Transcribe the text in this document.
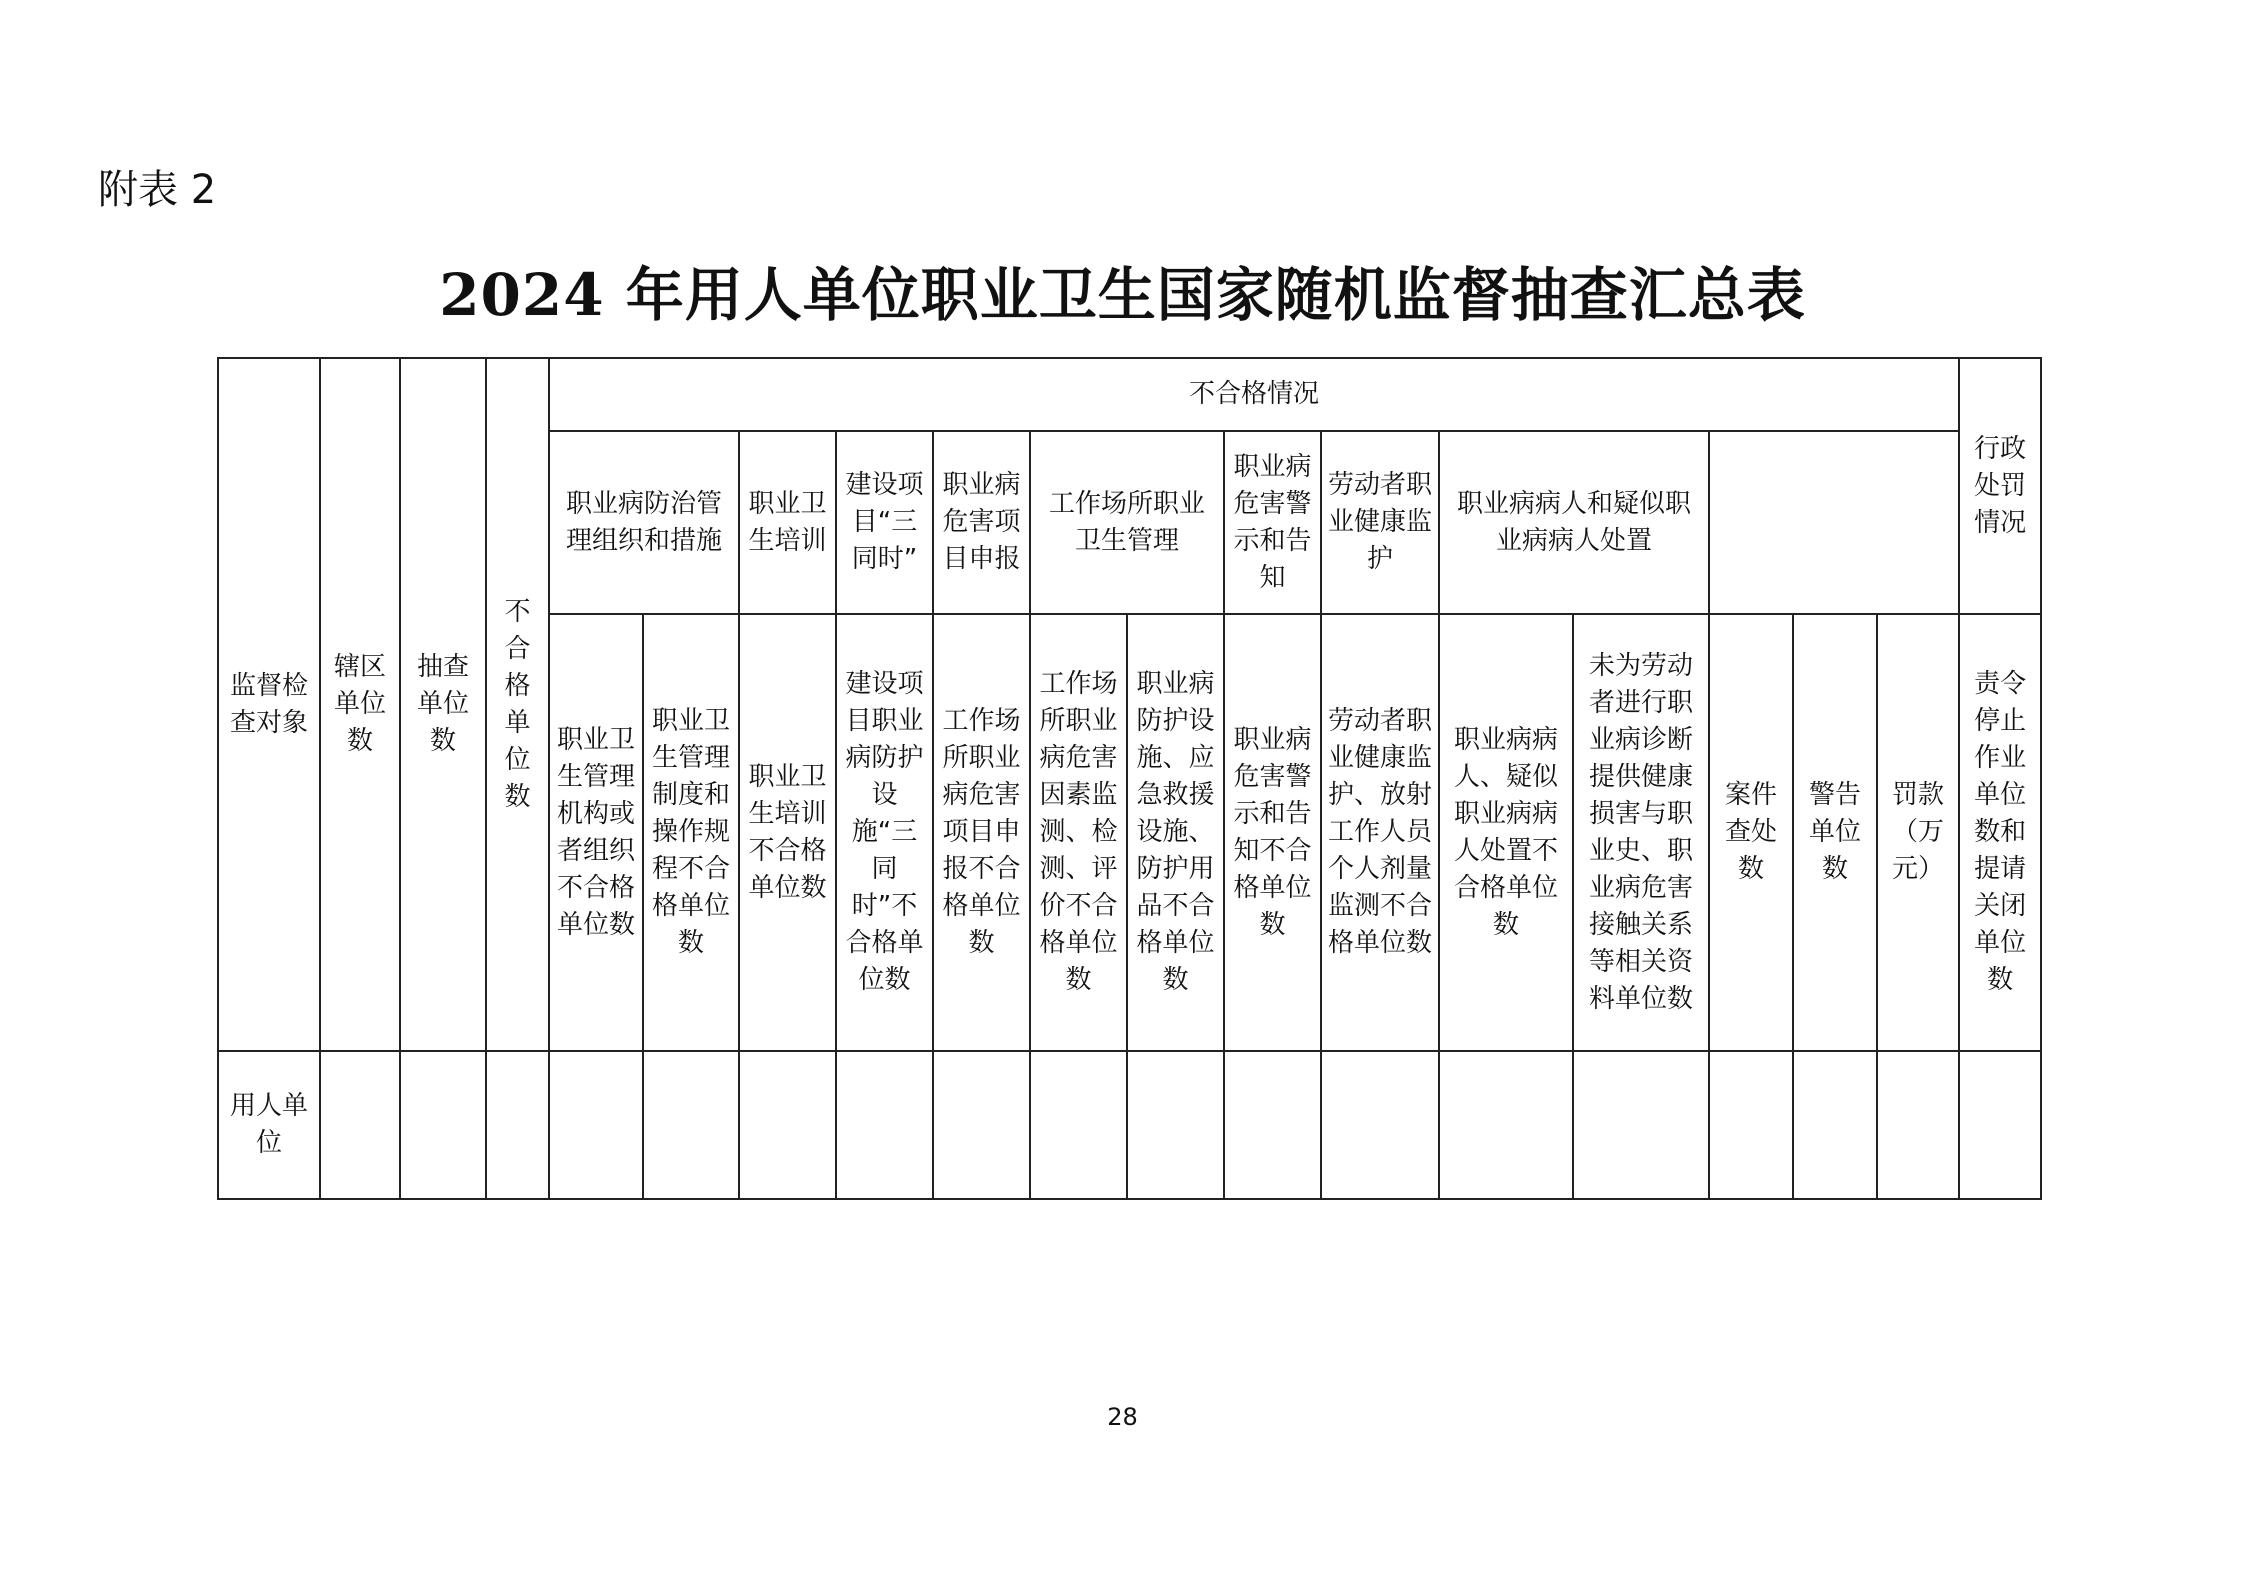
附表 2
2024 年用人单位职业卫生国家随机监督抽查汇总表
监督检查对象	辖区单位数	抽查单位数	不合格单位数	不合格情况														行政处罚情况
				职业病防治管理组织和措施		职业卫生培训	建设项目“三同时”	职业病危害项目申报	工作场所职业卫生管理		职业病危害警示和告知	劳动者职业健康监护	职业病病人和疑似职业病病人处置					
				职业卫生管理机构或者组织不合格单位数	职业卫生管理制度和操作规程不合格单位数	职业卫生培训不合格单位数	建设项目职业病防护设施“三同时”不合格单位数	工作场所职业病危害项目申报不合格单位数	工作场所职业病危害因素监测、检测、评价不合格单位数	职业病防护设施、应急救援设施、防护用品不合格单位数	职业病危害警示和告知不合格单位数	劳动者职业健康监护、放射工作人员个人剂量监测不合格单位数	职业病病人、疑似职业病病人处置不合格单位数	未为劳动者进行职业病诊断提供健康损害与职业史、职业病危害接触关系等相关资料单位数	案件查处数	警告单位数	罚款（万元）	责令停止作业单位数和提请关闭单位数
用人单位																		
28
